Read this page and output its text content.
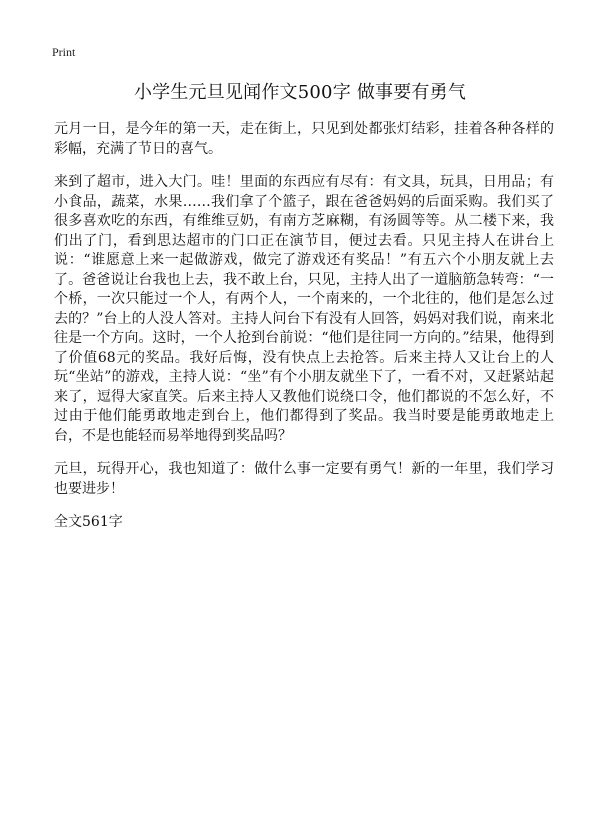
Print
小学生元旦见闻作文500字 做事要有勇气

元月一日，是今年的第一天，走在街上，只见到处都张灯结彩，挂着各种各样的彩幅，充满了节日的喜气。

来到了超市，进入大门。哇！里面的东西应有尽有：有文具，玩具，日用品；有小食品，蔬菜，水果……我们拿了个篮子，跟在爸爸妈妈的后面采购。我们买了很多喜欢吃的东西，有维维豆奶，有南方芝麻糊，有汤圆等等。从二楼下来，我们出了门，看到思达超市的门口正在演节目，便过去看。只见主持人在讲台上说：“谁愿意上来一起做游戏，做完了游戏还有奖品！”有五六个小朋友就上去了。爸爸说让台我也上去，我不敢上台，只见，主持人出了一道脑筋急转弯：“一个桥，一次只能过一个人，有两个人，一个南来的，一个北往的，他们是怎么过去的？”台上的人没人答对。主持人问台下有没有人回答，妈妈对我们说，南来北往是一个方向。这时，一个人抢到台前说：“他们是往同一方向的。”结果，他得到了价值68元的奖品。我好后悔，没有快点上去抢答。后来主持人又让台上的人玩“坐站”的游戏，主持人说：“坐”有个小朋友就坐下了，一看不对，又赶紧站起来了，逗得大家直笑。后来主持人又教他们说绕口令，他们都说的不怎么好，不过由于他们能勇敢地走到台上，他们都得到了奖品。我当时要是能勇敢地走上台，不是也能轻而易举地得到奖品吗？

元旦，玩得开心，我也知道了：做什么事一定要有勇气！新的一年里，我们学习也要进步！

全文561字
